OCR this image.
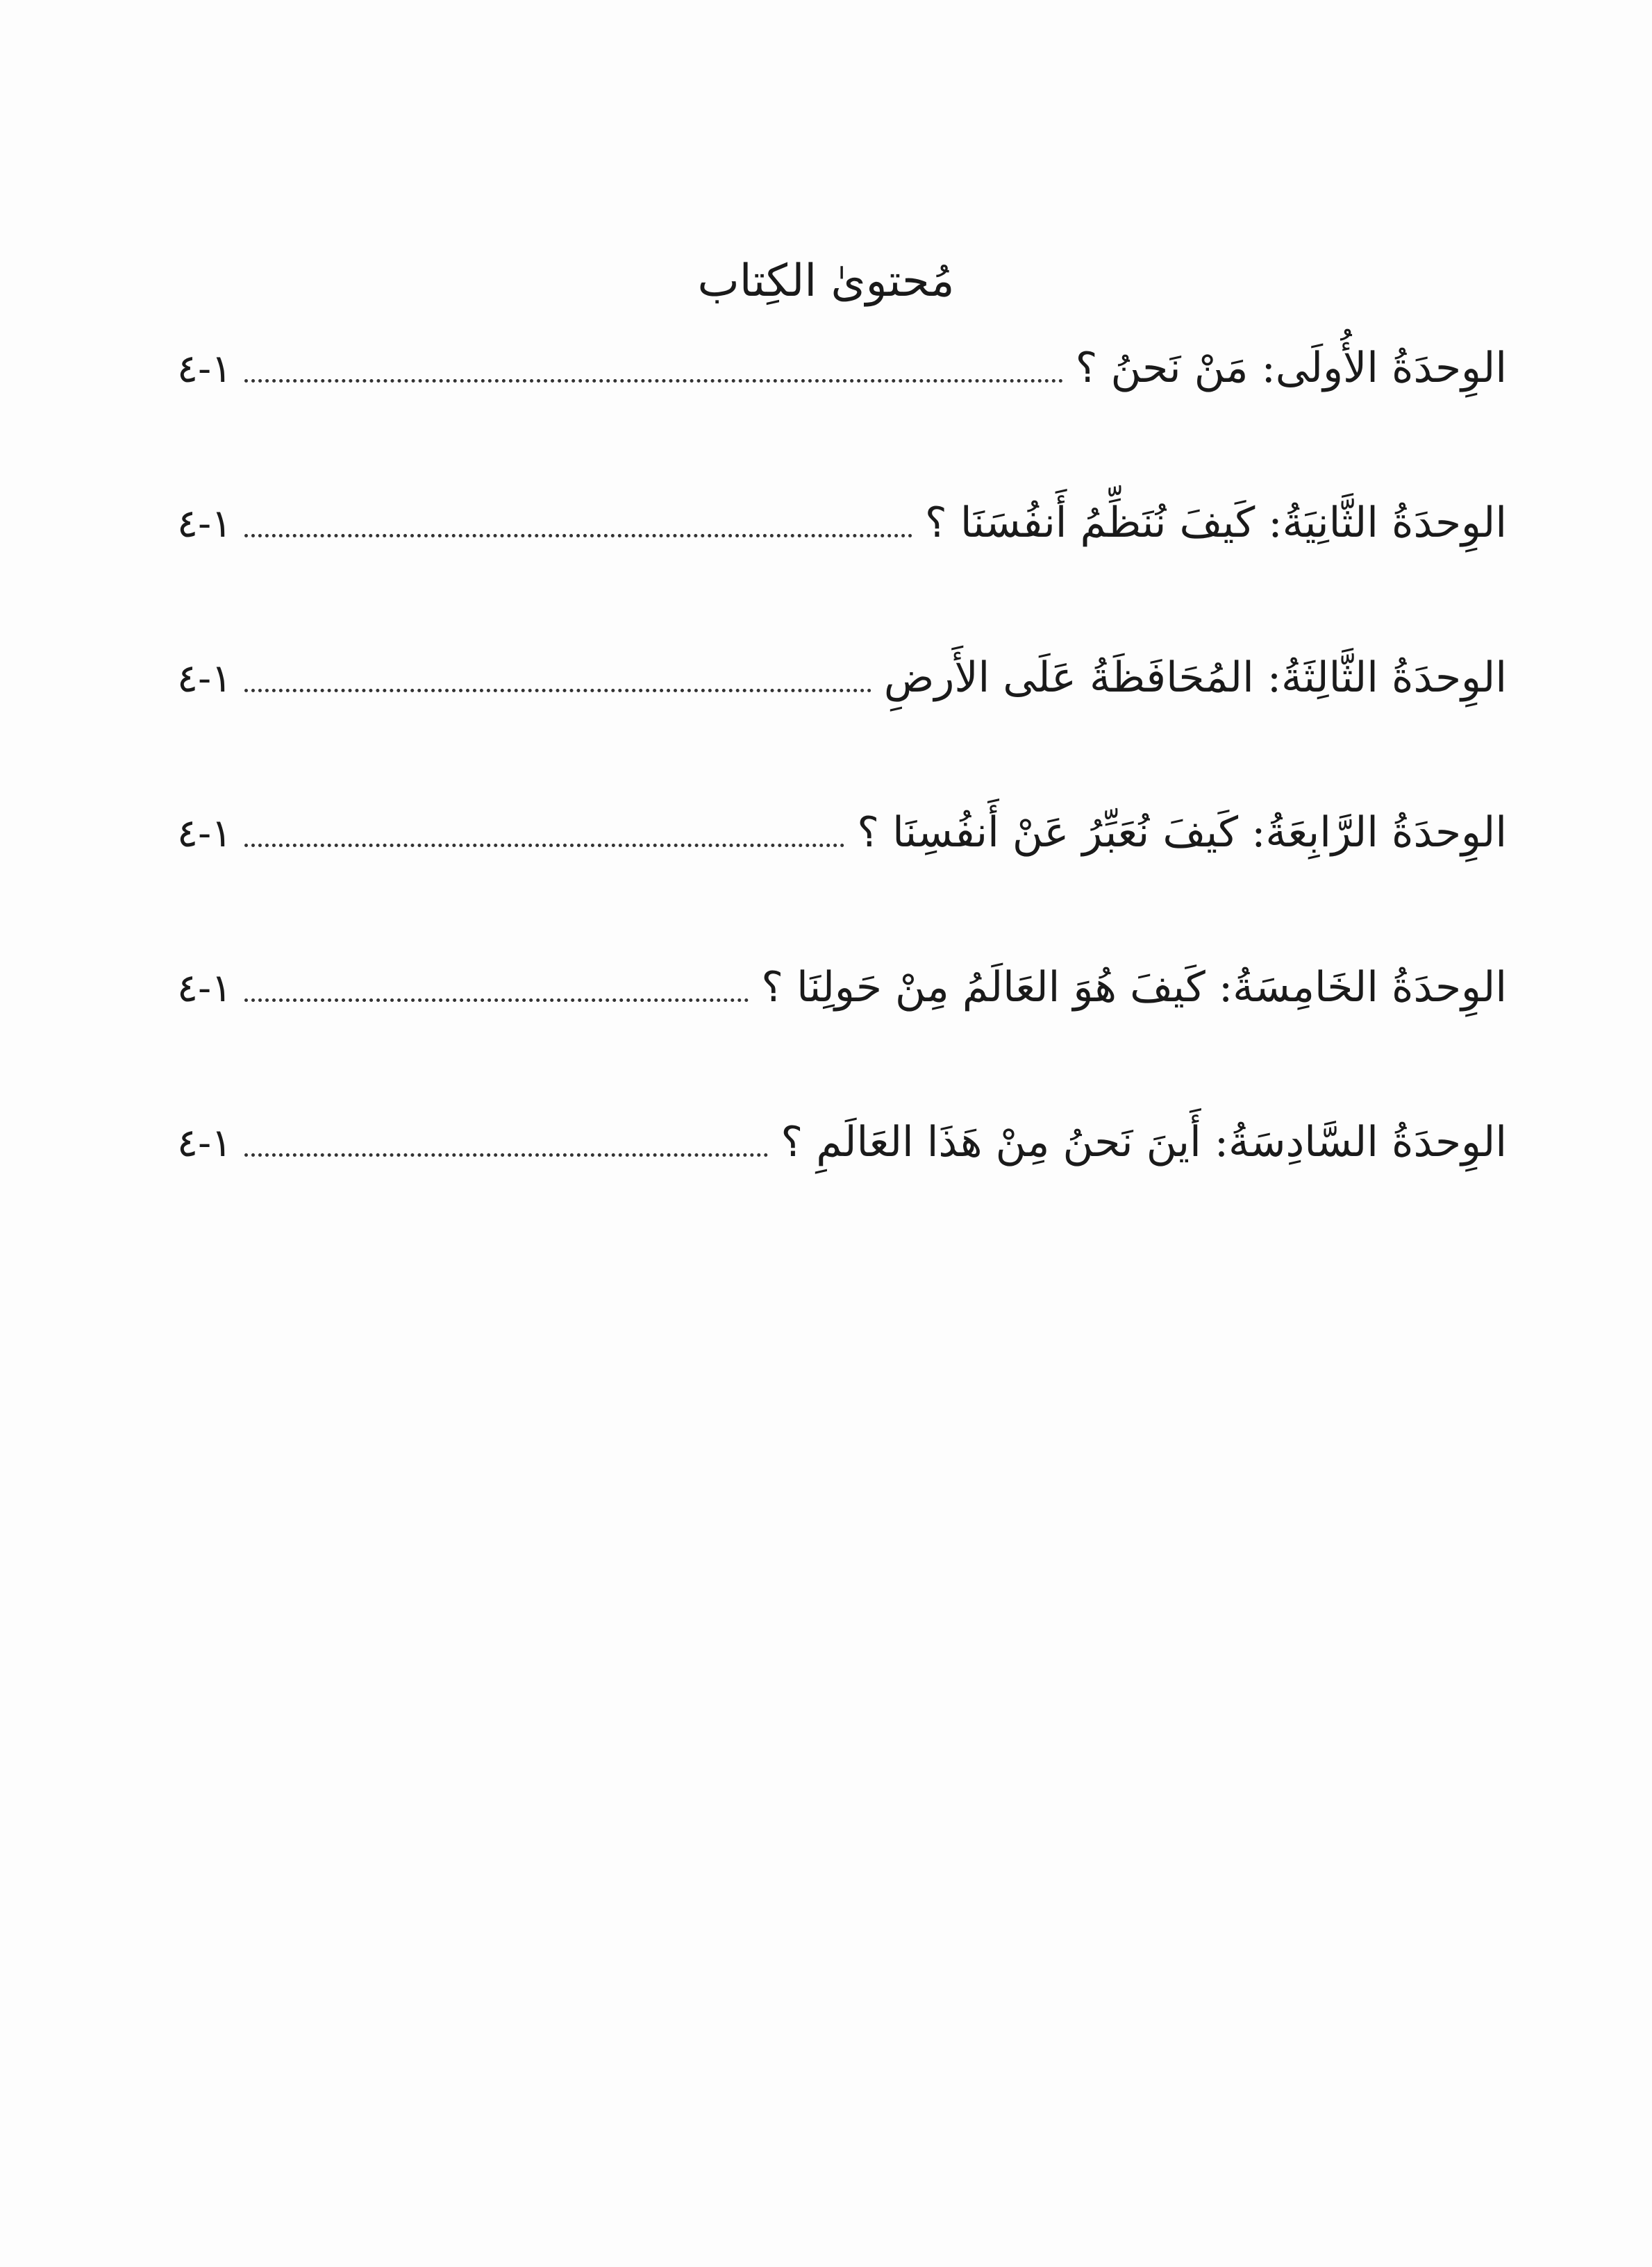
مُحتوىٰ الكِتاب
الوِحدَةُ الأُولَى: مَنْ نَحنُ ؟
١-٤
الوِحدَةُ الثَّانِيَةُ: كَيفَ نُنَظِّمُ أَنفُسَنَا ؟
١-٤
الوِحدَةُ الثَّالِثَةُ: المُحَافَظَةُ عَلَى الأَرضِ
١-٤
الوِحدَةُ الرَّابِعَةُ: كَيفَ نُعَبِّرُ عَنْ أَنفُسِنَا ؟
١-٤
الوِحدَةُ الخَامِسَةُ: كَيفَ هُوَ العَالَمُ مِنْ حَولِنَا ؟
١-٤
الوِحدَةُ السَّادِسَةُ: أَينَ نَحنُ مِنْ هَذَا العَالَمِ ؟
١-٤
